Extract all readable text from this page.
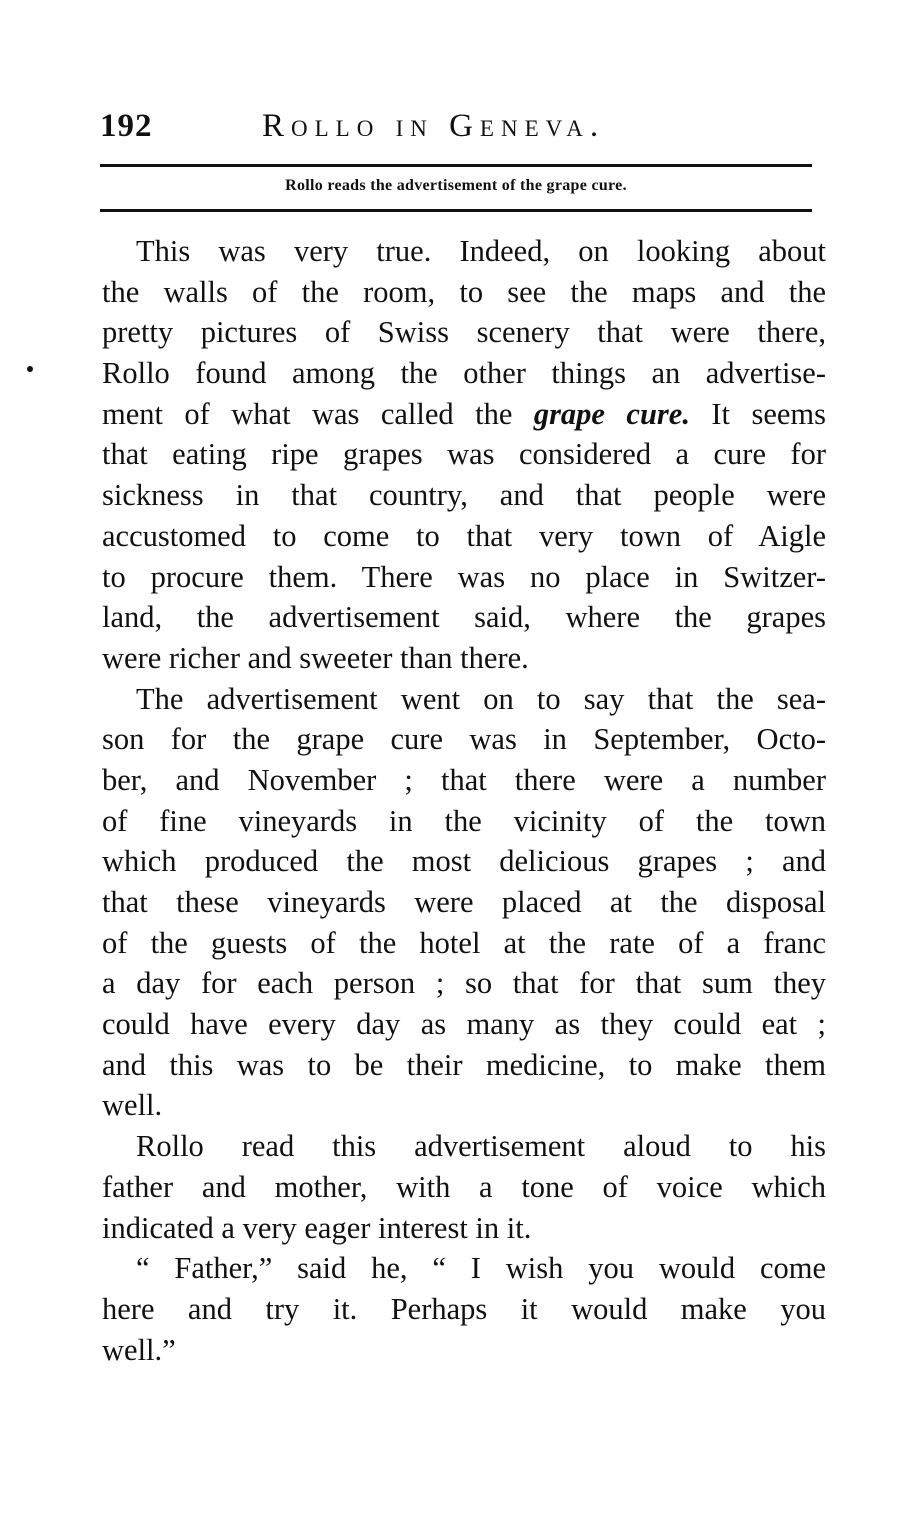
192	Rollo in Geneva.
Rollo reads the advertisement of the grape cure.
This was very true. Indeed, on looking about
the walls of the room, to see the maps and the
pretty pictures of Swiss scenery that were there,
Rollo found among the other things an advertise-
ment of what was called the grape cure. It seems
that eating ripe grapes was considered a cure for
sickness in that country, and that people were
accustomed to come to that very town of Aigle
to procure them. There was no place in Switzer-
land, the advertisement said, where the grapes
were richer and sweeter than there.
The advertisement went on to say that the sea-
son for the grape cure was in September, Octo-
ber, and November ; that there were a number
of fine vineyards in the vicinity of the town
which produced the most delicious grapes ; and
that these vineyards were placed at the disposal
of the guests of the hotel at the rate of a franc
a day for each person ; so that for that sum they
could have every day as many as they could eat ;
and this was to be their medicine, to make them
well.
Rollo read this advertisement aloud to his
father and mother, with a tone of voice which
indicated a very eager interest in it.
“ Father,” said he, “ I wish you would come
here and try it. Perhaps it would make you
well.”
